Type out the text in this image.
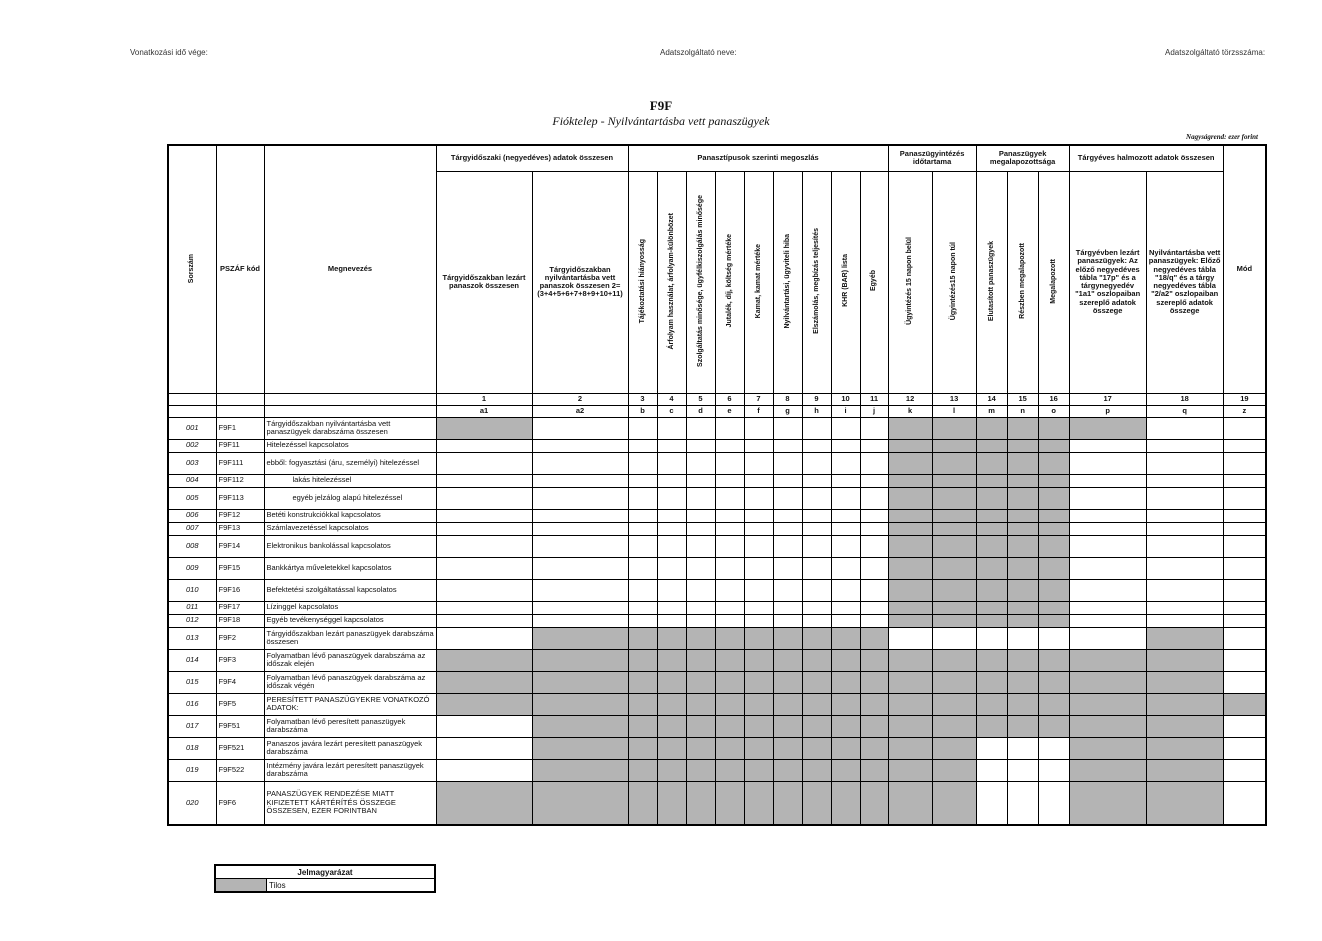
Vonatkozási idő vége:	Adatszolgáltató neve:	Adatszolgáltató törzsszáma:
F9F
Fióktelep - Nyilvántartásba vett panaszügyek
Nagyságrend: ezer forint
Sorszám	PSZÁF kód	Megnevezés	Tárgyidőszaki (negyedéves) adatok összesen		Panasztípusok szerinti megoszlás									Panaszügyintézés időtartama		Panaszügyek megalapozottsága			Tárgyéves halmozott adatok összesen		Mód
			Tárgyidőszakban lezárt panaszok összesen	Tárgyidőszakban nyilvántartásba vett panaszok összesen 2=(3+4+5+6+7+8+9+10+11)	Tájékoztatási hiányosság	Árfolyam használat, árfolyam-különbözet	Szolgáltatás minősége, ügyfélkiszolgálás minősége	Jutalék, díj, költség mértéke	Kamat, kamat mértéke	Nyilvántartási, ügyviteli hiba	Elszámolás, megbízás teljesítés	KHR (BAR) lista	Egyéb	Ügyintézés 15 napon belül	Ügyintézés15 napon túl	Elutasított panaszügyek	Részben megalapozott	Megalapozott	Tárgyévben lezárt panaszügyek: Az előző negyedéves tábla "17p" és a tárgynegyedév "1a1" oszlopaiban szereplő adatok összege	Nyilvántartásba vett panaszügyek: Előző negyedéves tábla "18/q" és a tárgy negyedéves tábla "2/a2" oszlopaiban szereplő adatok összege	
			1	2	3	4	5	6	7	8	9	10	11	12	13	14	15	16	17	18	19
			a1	a2	b	c	d	e	f	g	h	i	j	k	l	m	n	o	p	q	z
001	F9F1	Tárgyidőszakban nyilvántartásba vett panaszügyek darabszáma összesen																			
002	F9F11	Hitelezéssel kapcsolatos																			
003	F9F111	ebből: fogyasztási (áru, személyi) hitelezéssel																			
004	F9F112	lakás hitelezéssel																			
005	F9F113	egyéb jelzálog alapú hitelezéssel																			
006	F9F12	Betéti konstrukciókkal kapcsolatos																			
007	F9F13	Számlavezetéssel kapcsolatos																			
008	F9F14	Elektronikus bankolással kapcsolatos																			
009	F9F15	Bankkártya műveletekkel kapcsolatos																			
010	F9F16	Befektetési szolgáltatással kapcsolatos																			
011	F9F17	Lízinggel kapcsolatos																			
012	F9F18	Egyéb tevékenységgel kapcsolatos																			
013	F9F2	Tárgyidőszakban lezárt panaszügyek darabszáma összesen																			
014	F9F3	Folyamatban lévő panaszügyek darabszáma az időszak elején																			
015	F9F4	Folyamatban lévő panaszügyek darabszáma az időszak végén																			
016	F9F5	PERESÍTETT PANASZÜGYEKRE VONATKOZÓ ADATOK:																			
017	F9F51	Folyamatban lévő peresített panaszügyek darabszáma																			
018	F9F521	Panaszos javára lezárt peresített panaszügyek darabszáma																			
019	F9F522	Intézmény javára lezárt peresített panaszügyek darabszáma																			
020	F9F6	PANASZÜGYEK RENDEZÉSE MIATT KIFIZETETT KÁRTÉRÍTÉS ÖSSZEGE ÖSSZESEN, EZER FORINTBAN																			
Jelmagyarázat
	Tilos
